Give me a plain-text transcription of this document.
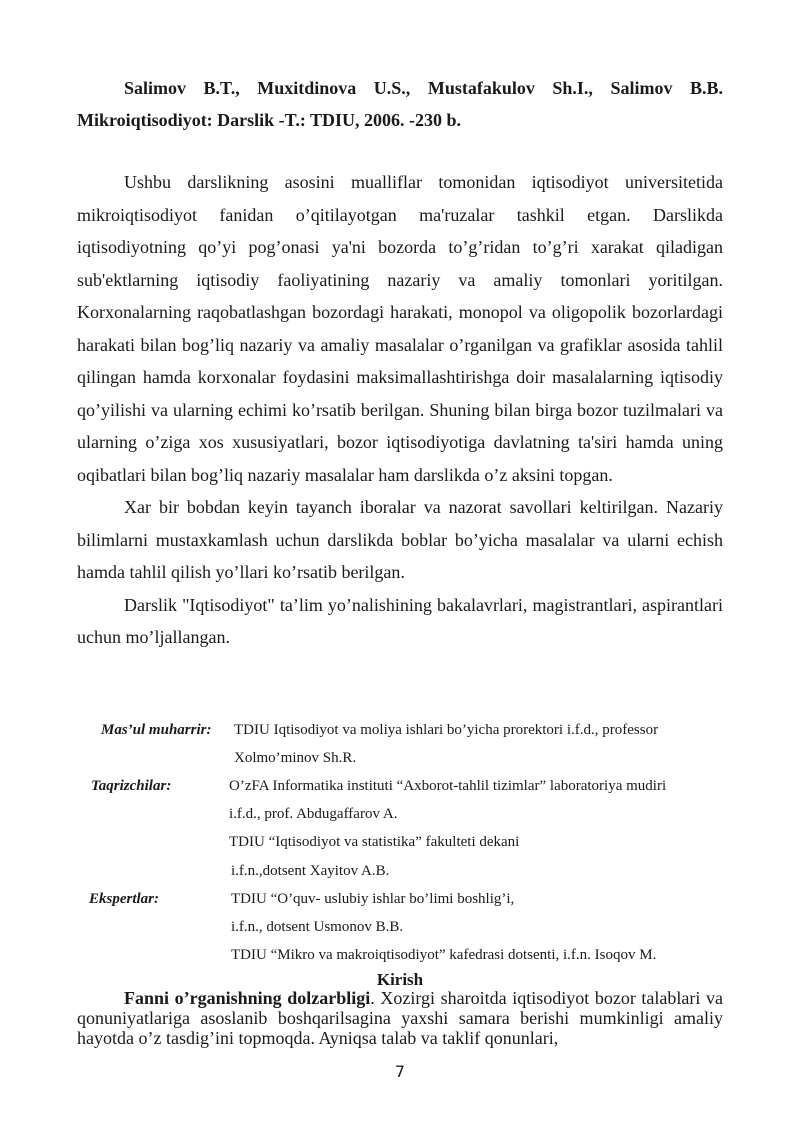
Salimov B.T., Muxitdinova U.S., Mustafakulov Sh.I., Salimov B.B. Mikroiqtisodiyot: Darslik -T.: TDIU, 2006. -230 b.

Ushbu darslikning asosini mualliflar tomonidan iqtisodiyot universitetida mikroiqtisodiyot fanidan o’qitilayotgan ma'ruzalar tashkil etgan. Darslikda iqtisodiyotning qo’yi pog’onasi ya'ni bozorda to’g’ridan to’g’ri xarakat qiladigan sub'ektlarning iqtisodiy faoliyatining nazariy va amaliy tomonlari yoritilgan. Korxonalarning raqobatlashgan bozordagi harakati, monopol va oligopolik bozorlardagi harakati bilan bog’liq nazariy va amaliy masalalar o’rganilgan va grafiklar asosida tahlil qilingan hamda korxonalar foydasini maksimallashtirishga doir masalalarning iqtisodiy qo’yilishi va ularning echimi ko’rsatib berilgan. Shuning bilan birga bozor tuzilmalari va ularning o’ziga xos xususiyatlari, bozor iqtisodiyotiga davlatning ta'siri hamda uning oqibatlari bilan bog’liq nazariy masalalar ham darslikda o’z aksini topgan.

Xar bir bobdan keyin tayanch iboralar va nazorat savollari keltirilgan. Nazariy bilimlarni mustaxkamlash uchun darslikda boblar bo’yicha masalalar va ularni echish hamda tahlil qilish yo’llari ko’rsatib berilgan.

Darslik "Iqtisodiyot" ta’lim yo’nalishining bakalavrlari, magistrantlari, aspirantlari uchun mo’ljallangan.

Mas’ul muharrir: TDIU Iqtisodiyot va moliya ishlari bo’yicha prorektori i.f.d., professor
Xolmo’minov Sh.R.
Taqrizchilar:	O’zFA Informatika instituti “Axborot-tahlil tizimlar” laboratoriya mudiri
i.f.d., prof. Abdugaffarov A.
TDIU “Iqtisodiyot va statistika” fakulteti dekani
i.f.n.,dotsent Xayitov A.B.
Ekspertlar:	TDIU “O’quv- uslubiy ishlar bo’limi boshlig’i,
i.f.n., dotsent Usmonov B.B.
TDIU “Mikro va makroiqtisodiyot” kafedrasi dotsenti, i.f.n. Isoqov M.
Kirish

Fanni o’rganishning dolzarbligi. Xozirgi sharoitda iqtisodiyot bozor talablari va qonuniyatlariga asoslanib boshqarilsagina yaxshi samara berishi mumkinligi amaliy hayotda o’z tasdig’ini topmoqda. Ayniqsa talab va taklif qonunlari,

7
